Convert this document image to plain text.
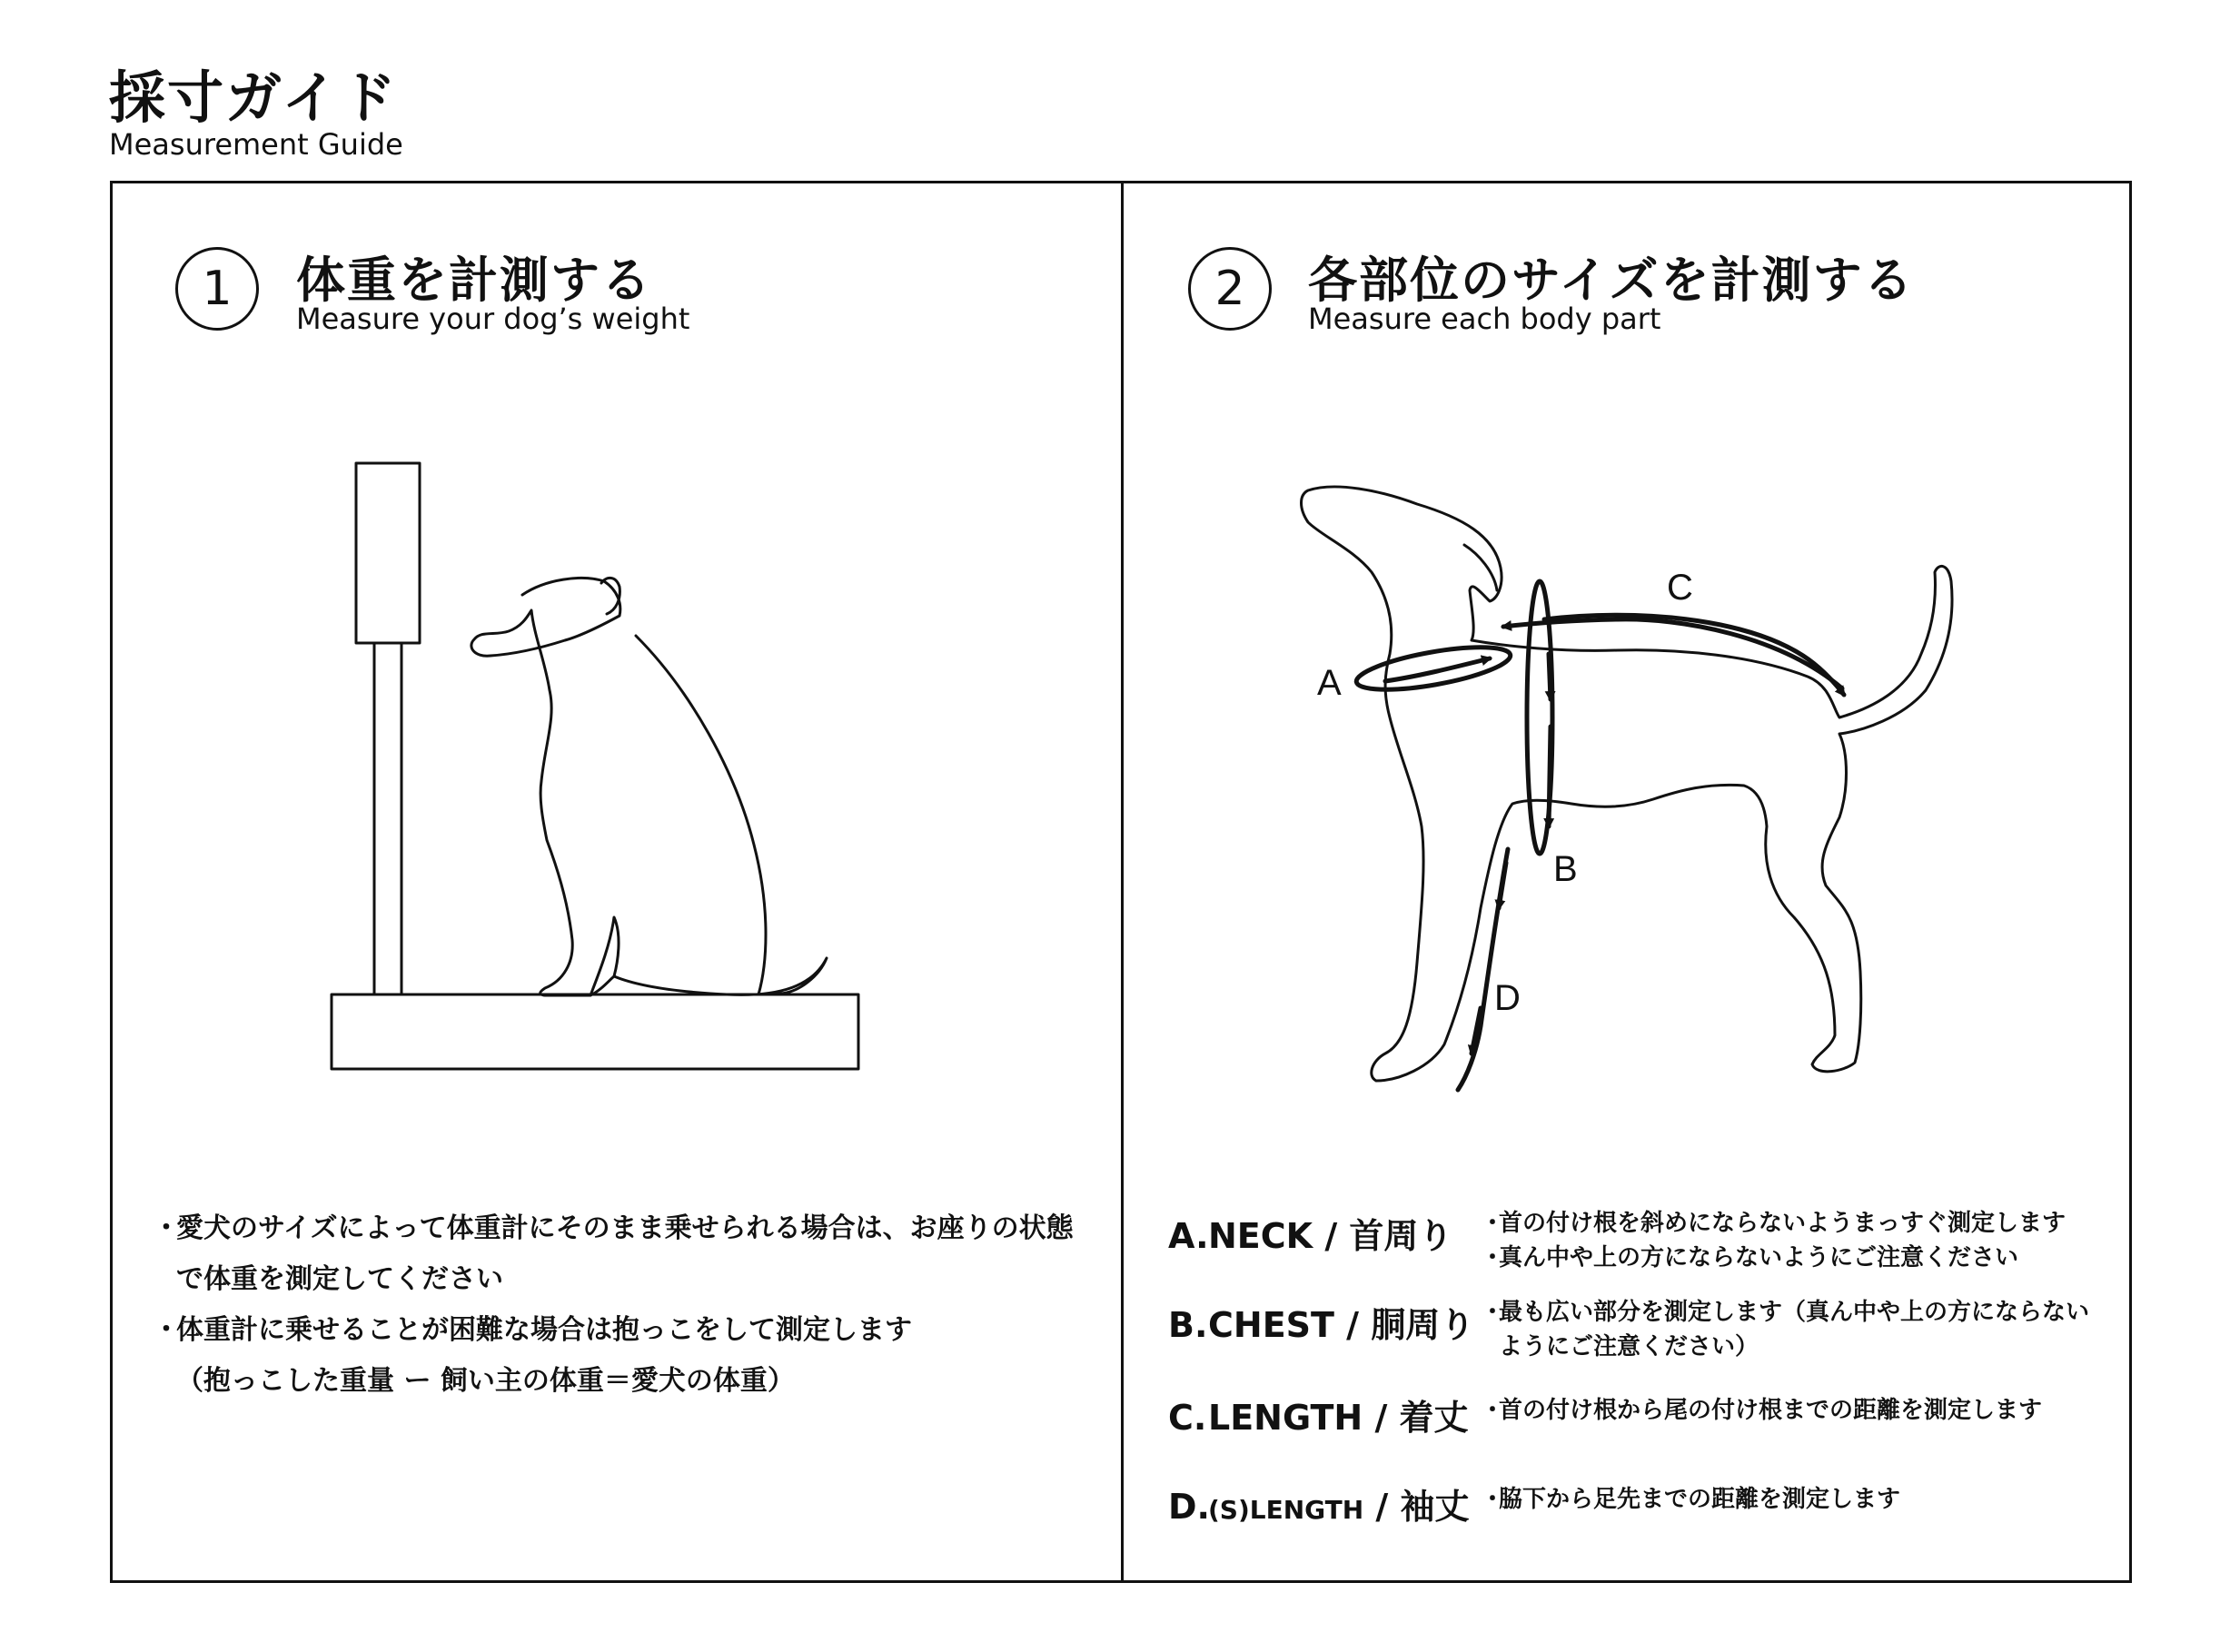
採寸ガイド
Measurement Guide
1	体重を計測する
Measure your dog’s weight
・
愛犬のサイズによって体重計にそのまま乗せられる場合は、お座りの状態で体重を測定してください
・
体重計に乗せることが困難な場合は抱っこをして測定します
（抱っこした重量 ー 飼い主の体重＝愛犬の体重）
2	各部位のサイズを計測する
Measure each body part
A
B
C
D
A.NECK / 首周り ・
首の付け根を斜めにならないようまっすぐ測定します
・
真ん中や上の方にならないようにご注意ください
B.CHEST / 胴周り ・
最も広い部分を測定します（真ん中や上の方にならないようにご注意ください）
C.LENGTH / 着丈 ・
首の付け根から尾の付け根までの距離を測定します
D.(S)LENGTH / 袖丈 ・
脇下から足先までの距離を測定します
